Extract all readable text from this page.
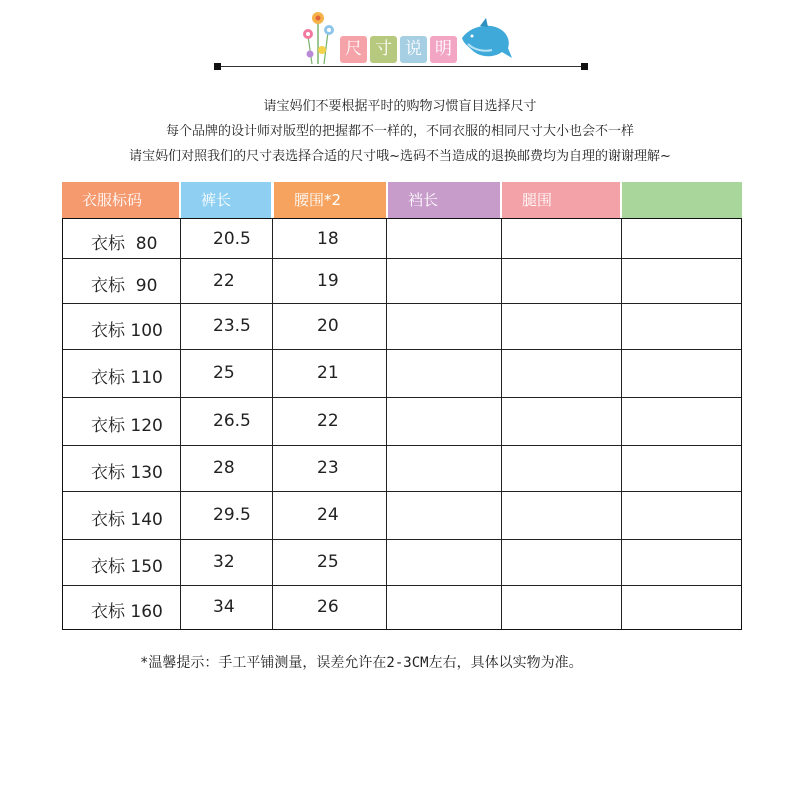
尺 寸 说 明
请宝妈们不要根据平时的购物习惯盲目选择尺寸
每个品牌的设计师对版型的把握都不一样的，不同衣服的相同尺寸大小也会不一样
请宝妈们对照我们的尺寸表选择合适的尺寸哦~选码不当造成的退换邮费均为自理的谢谢理解~
衣服标码	裤长	腰围*2	裆长	腿围
衣标  80	20.5	18
衣标  90	22	19
衣标 100	23.5	20
衣标 110	25	21
衣标 120	26.5	22
衣标 130	28	23
衣标 140	29.5	24
衣标 150	32	25
衣标 160	34	26
*温馨提示：手工平铺测量，误差允许在2-3CM左右，具体以实物为准。
